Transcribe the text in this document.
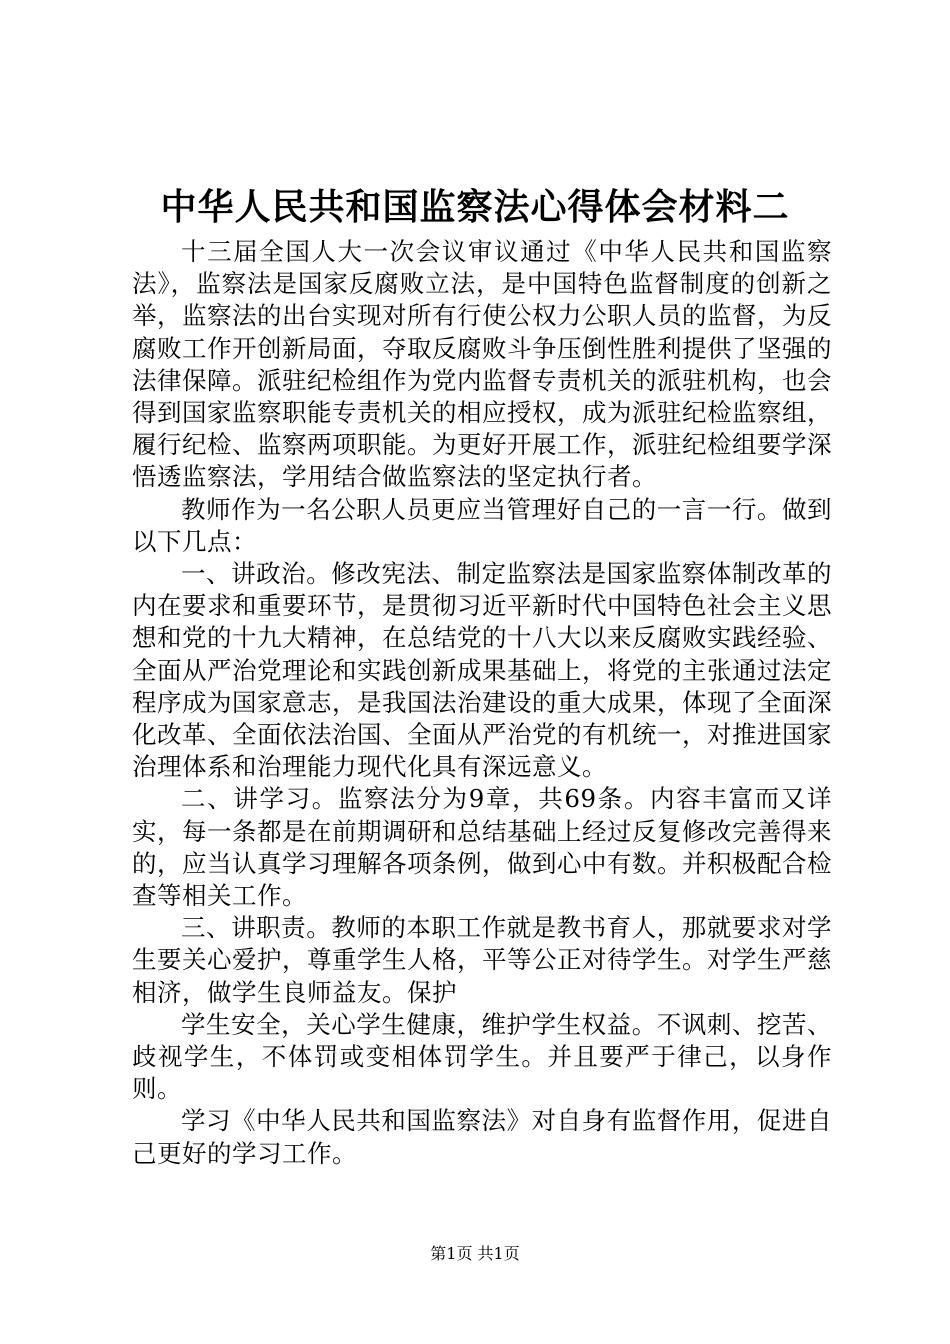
中华人民共和国监察法心得体会材料二

十三届全国人大一次会议审议通过《中华人民共和国监察法》，监察法是国家反腐败立法，是中国特色监督制度的创新之举，监察法的出台实现对所有行使公权力公职人员的监督，为反腐败工作开创新局面，夺取反腐败斗争压倒性胜利提供了坚强的法律保障。派驻纪检组作为党内监督专责机关的派驻机构，也会得到国家监察职能专责机关的相应授权，成为派驻纪检监察组，履行纪检、监察两项职能。为更好开展工作，派驻纪检组要学深悟透监察法，学用结合做监察法的坚定执行者。

教师作为一名公职人员更应当管理好自己的一言一行。做到以下几点：

一、讲政治。修改宪法、制定监察法是国家监察体制改革的内在要求和重要环节，是贯彻习近平新时代中国特色社会主义思想和党的十九大精神，在总结党的十八大以来反腐败实践经验、全面从严治党理论和实践创新成果基础上，将党的主张通过法定程序成为国家意志，是我国法治建设的重大成果，体现了全面深化改革、全面依法治国、全面从严治党的有机统一，对推进国家治理体系和治理能力现代化具有深远意义。

二、讲学习。监察法分为9章，共69条。内容丰富而又详实，每一条都是在前期调研和总结基础上经过反复修改完善得来的，应当认真学习理解各项条例，做到心中有数。并积极配合检查等相关工作。

三、讲职责。教师的本职工作就是教书育人，那就要求对学生要关心爱护，尊重学生人格，平等公正对待学生。对学生严慈相济，做学生良师益友。保护

学生安全，关心学生健康，维护学生权益。不讽刺、挖苦、歧视学生，不体罚或变相体罚学生。并且要严于律己，以身作则。

学习《中华人民共和国监察法》对自身有监督作用，促进自己更好的学习工作。

第1页 共1页
